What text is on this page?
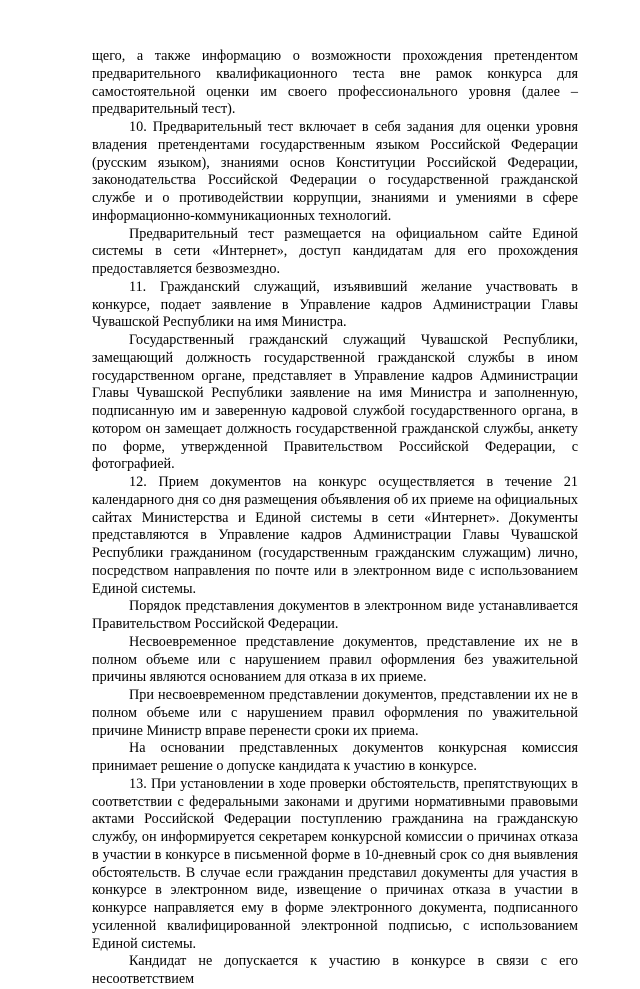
щего, а также информацию о возможности прохождения претендентом предварительного квалификационного теста вне рамок конкурса для самостоятельной оценки им своего профессионального уровня (далее – предварительный тест).

10. Предварительный тест включает в себя задания для оценки уровня владения претендентами государственным языком Российской Федерации (русским языком), знаниями основ Конституции Российской Федерации, законодательства Российской Федерации о государственной гражданской службе и о противодействии коррупции, знаниями и умениями в сфере информационно-коммуникационных технологий.

Предварительный тест размещается на официальном сайте Единой системы в сети «Интернет», доступ кандидатам для его прохождения предоставляется безвозмездно.

11. Гражданский служащий, изъявивший желание участвовать в конкурсе, подает заявление в Управление кадров Администрации Главы Чувашской Республики на имя Министра.

Государственный гражданский служащий Чувашской Республики, замещающий должность государственной гражданской службы в ином государственном органе, представляет в Управление кадров Администрации Главы Чувашской Республики заявление на имя Министра и заполненную, подписанную им и заверенную кадровой службой государственного органа, в котором он замещает должность государственной гражданской службы, анкету по форме, утвержденной Правительством Российской Федерации, с фотографией.

12. Прием документов на конкурс осуществляется в течение 21 календарного дня со дня размещения объявления об их приеме на официальных сайтах Министерства и Единой системы в сети «Интернет». Документы представляются в Управление кадров Администрации Главы Чувашской Республики гражданином (государственным гражданским служащим) лично, посредством направления по почте или в электронном виде с использованием Единой системы.

Порядок представления документов в электронном виде устанавливается Правительством Российской Федерации.

Несвоевременное представление документов, представление их не в полном объеме или с нарушением правил оформления без уважительной причины являются основанием для отказа в их приеме.

При несвоевременном представлении документов, представлении их не в полном объеме или с нарушением правил оформления по уважительной причине Министр вправе перенести сроки их приема.

На основании представленных документов конкурсная комиссия принимает решение о допуске кандидата к участию в конкурсе.

13. При установлении в ходе проверки обстоятельств, препятствующих в соответствии с федеральными законами и другими нормативными правовыми актами Российской Федерации поступлению гражданина на гражданскую службу, он информируется секретарем конкурсной комиссии о причинах отказа в участии в конкурсе в письменной форме в 10-дневный срок со дня выявления обстоятельств. В случае если гражданин представил документы для участия в конкурсе в электронном виде, извещение о причинах отказа в участии в конкурсе направляется ему в форме электронного документа, подписанного усиленной квалифицированной электронной подписью, с использованием Единой системы.

Кандидат не допускается к участию в конкурсе в связи с его несоответствием
